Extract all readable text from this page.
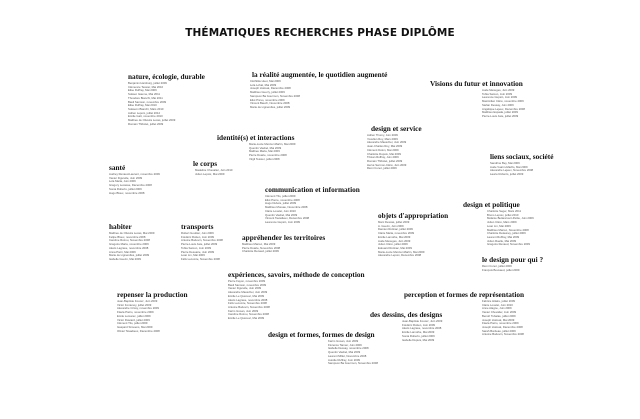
THÉMATIQUES RECHERCHES PHASE DIPLÔME
nature, écologie, durable
Benjamin Hamburg, juillet 2009
Clémence Tessier, Mai 2010
Elise Ruffray, Mai 2009
Solwen Gaume, Mai 2011
Théodore Bianchi, Mai 2011
Basil Samson, novembre 2009
Elise Ruffray, Mai 2010
Solwenn Bianchi, Mars 2010
Adrien Lepoix, juillet 2012
Emilie Gatt, novembre 2010
Mathieu de Oliveira Lecas, juillet 2009
Romain Thibolet, juillet 2009
la réalité augmentée, le quotidien augmenté
Clothilde Huet, Mai 2009
Lola Lohat, Mai 2009
Joseph Hoizeat, Décembre 2008
Matthieu Guerry, juillet 2009
Sampson Ba Gourmon, Novembre 2008
Eliot Prévo, novembre 2009
Vincent Bauch, Novembre 2008
Marie de Lignerolles, juillet 2009
Visions du futur et innovation
Aude Mesuges, Juin 2009
Tobia Samun, Juin 2009
Laurence Gupsin, Juin 2009
Maximilien Cléré, novembre 2009
Stefan Dessay, Juin 2009
Angélique Lejeux, Décembre 2008
Matthieu Espada, juillet 2009
Pierre-Louis Aste, juillet 2009
identité(s) et interactions
Marie-Lucie Mercier-Martin, Mai 2009
Quentin Vaubel, Mai 2009
Mathieu Maria, Mai 2009
Pierre Duarte, novembre 2008
Virgil Tessier, juillet 2008
design et service
Adrien Thomy, Juin 2009
Yovellen Roy, Mars 2009
Alexandre Mauscher, Juin 2009
Jean-Charles Roy, Mai 2009
Clément Dolon, Mai 2009
Charlotte Dupuis, Mai 2009
Tristan Ruffray, Juin 2009
Romain Thibolet, juillet 2009
Hervé Sermon-Cléré, Juin 2009
Rémi Cunot, juillet 2009
liens sociaux, société
Sandrine Bey, Mai 2009
Aude Vuarm-Mazilo, Mai 2009
Alexandre Lejeux, Novembre 2008
Laurie Roberts, juillet 2009
santé
Audrey Renaud-Laurent, novembre 2009
Xavier Figurelle, Juin 2009
Lola Maria, Juin 2009
Grégory Lecasse, Décembre 2008
Sonia Roberts, juillet 2009
Hugo Bloux, novembre 2008
le corps
Madeline Chevalier, Juin 2010
Julien Lepoix, Mai 2009
communication et information
Clément Tilo, juillet 2009
Eliot Pierre, novembre 2008
Hugo Dubois, juillet 2009
Matthieu Moreau, Novembre 2008
Claire Lovelet, Juin 2010
Quentin Vaubel, Mai 2009
Vincent Tavadieux, Décembre 2008
Laurence Gupsin, Juin 2009
design et politique
Charlotte Seger, Mars 2011
Bruno Lepoix, juillet 2010
Mélanie Bettancourt-Petite, Juin 2009
Julien Cléré, Mars 2009
Loan Lin, Mai 2009
Matthieu Marrec, Novembre 2008
Charlotte Delauney, juillet 2009
Laurent Ruffray, Mai 2009
Julien Ruelle, Mai 2009
Grégoire Renaud, Novembre 2009
objets d'appropriation
Marc Descas, juillet 2009
A. Guerin, Juin 2009
Damien Rotinac, juillet 2009
Claire Maria, novembre 2009
Emilie Lamothe, Mai 2009
Aude Mesuges, Juin 2009
Julien Cléré, juillet 2009
Edouard Rotinac, Mai 2009
Marie-Lucie Mercier-Martin, Mai 2009
Alexandre Lepoix, Décembre 2008
habiter
Mathieu de Oliveira Lecas, Mai 2009
Felipe Bloux, novembre 2008
Caroline Roirou, Novembre 2008
Grégoire Maria, novembre 2009
Alexis Lagrave, novembre 2008
Anna Pietri, Mai 2009
Marie de Lignerolles, juillet 2009
Isabelle Guerin, Mai 2009
transports
Robert Gouttier, Juin 2009
Frédéric Rotten, Juin 2009
Antoine Bodevin, Novembre 2008
Pierre-Louis Aste, juillet 2009
Tobia Samun, Juin 2009
Pierre Desuaire, Juin 2009
Loan Lin, Mai 2009
Félix Lecomte, Novembre 2008
appréhender les territoires
Matthieu Marrec, Mai 2009
Pierre Duarte, Novembre 2008
Charlotte Renaud, juillet 2009
le design pour qui ?
Rémi Cunot, juillet 2009
François Bouvaud, juillet 2009
expériences, savoirs, méthode de conception
Pierre Fayon, novembre 2009
Basil Samson, novembre 2009
Xavier Figurelle, Juin 2009
Alexandre Mauscher, Juin 2009
Emilie Le Quéreuc, Mai 2009
Alexis Lagrave, novembre 2008
Félix Lecomte, Novembre 2008
Antoine Bodevin, Novembre 2008
Karim Gnoan, Juin 2009
Caroline Roirou, Novembre 2008
Emilie Le Quéreuc, Mai 2009
repenser la production
Jean-Baptiste Fourez, Juin 2009
Victor Fontenoy, juillet 2009
Alexandre Crissy, novembre 2009
Flavia Pietro, novembre 2009
Emile Lemarec, juillet 2009
Victor Flaviard, juillet 2009
Clément Tilo, juillet 2009
Gaspard Simoens, Mai 2009
Olivier Tavadieux, Décembre 2008
perception et formes de représentation
Fabrice Hilaire, juillet 2009
Claire Lovelet, Juin 2010
Anne Alagne, Juin 2009
Xavier Chevalier, Juin 2009
Benoît Tubalas, juillet 2009
Joseph Hoizeat, Mai 2009
Flavia Pietro, novembre 2009
Joseph Hoizeat, Décembre 2008
Sarah Bordeau, juillet 2009
Antoine Bodevin, Novembre 2008
des dessins, des designs
Jean-Baptiste Fourez, Juin 2009
Frédéric Rotten, Juin 2009
Alexis Lagrave, novembre 2008
Emilie Lamothe, Mai 2009
Sonia Roberts, juillet 2009
Isabelle Dupuis, Mai 2009
design et formes, formes de design
Karim Gnoan, Juin 2009
Florence Tanner, Juin 2009
Isabelle Dessay, novembre 2008
Quentin Vaubel, Mai 2009
Laurent Millet, Novembre 2008
Aurélie Ruffray, Juin 2009
Sampson Ba Gourmon, Novembre 2008
